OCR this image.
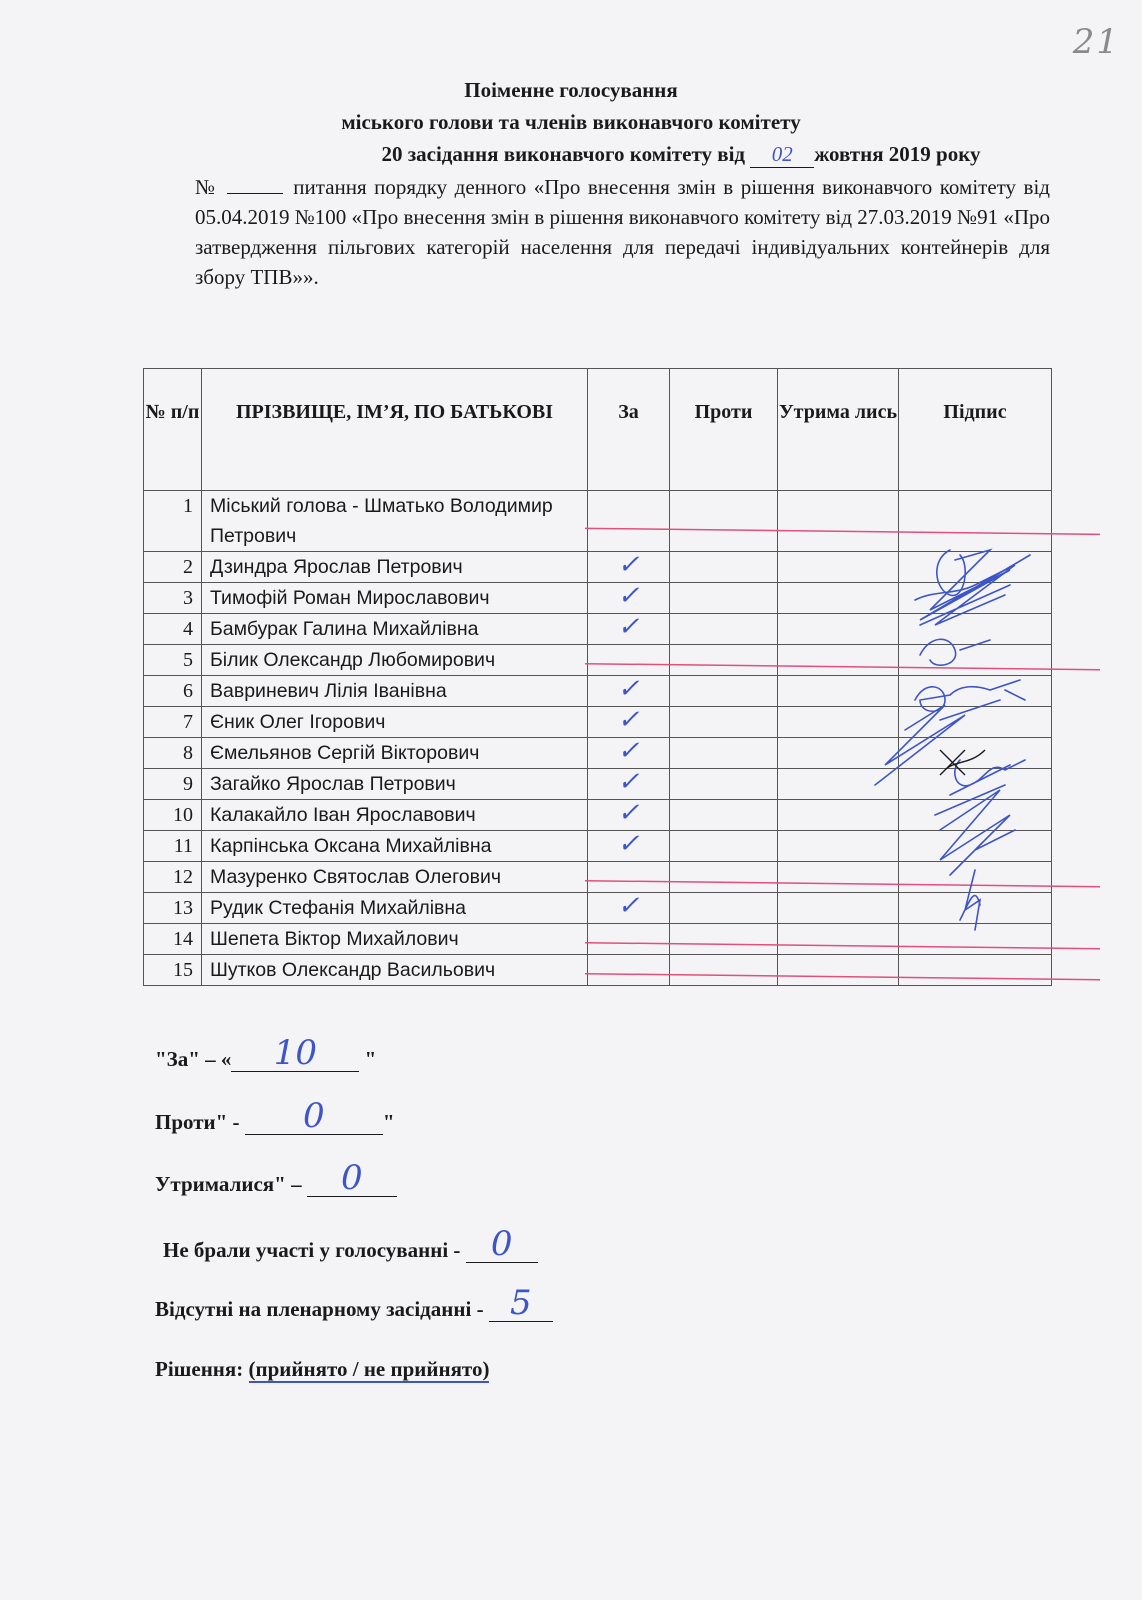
21
Поіменне голосування
міського голови та членів виконавчого комітету
20 засідання виконавчого комітету від 02 жовтня 2019 року
№	питання порядку денного «Про внесення змін в рішення виконавчого комітету від 05.04.2019 №100 «Про внесення змін в рішення виконавчого комітету від 27.03.2019 №91 «Про затвердження пільгових категорій населення для передачі індивідуальних контейнерів для збору ТПВ»».
№ п/п	ПРІЗВИЩЕ, ІМ’Я, ПО БАТЬКОВІ	За	Проти	Утрима лись	Підпис
1	Міський голова - Шматько Володимир Петрович				
2	Дзиндра Ярослав Петрович	✓			

3	Тимофій Роман Мирославович	✓			

4	Бамбурак Галина Михайлівна	✓			

5	Білик Олександр Любомирович				
6	Вавриневич Лілія Іванівна	✓			

7	Єник Олег Ігорович	✓			

8	Ємельянов Сергій Вікторович	✓			

9	Загайко Ярослав Петрович	✓			

10	Калакайло Іван Ярославович	✓			

11	Карпінська Оксана Михайлівна	✓			

12	Мазуренко Святослав Олегович				
13	Рудик Стефанія Михайлівна	✓			

14	Шепета Віктор Михайлович				
15	Шутков Олександр Васильович				
"За" – «	10	"
Проти" -	0	"
Утрималися" –	0
Не брали участі у голосуванні - 0
Відсутні на пленарному засіданні - 5
Рішення: (прийнято / не прийнято)
